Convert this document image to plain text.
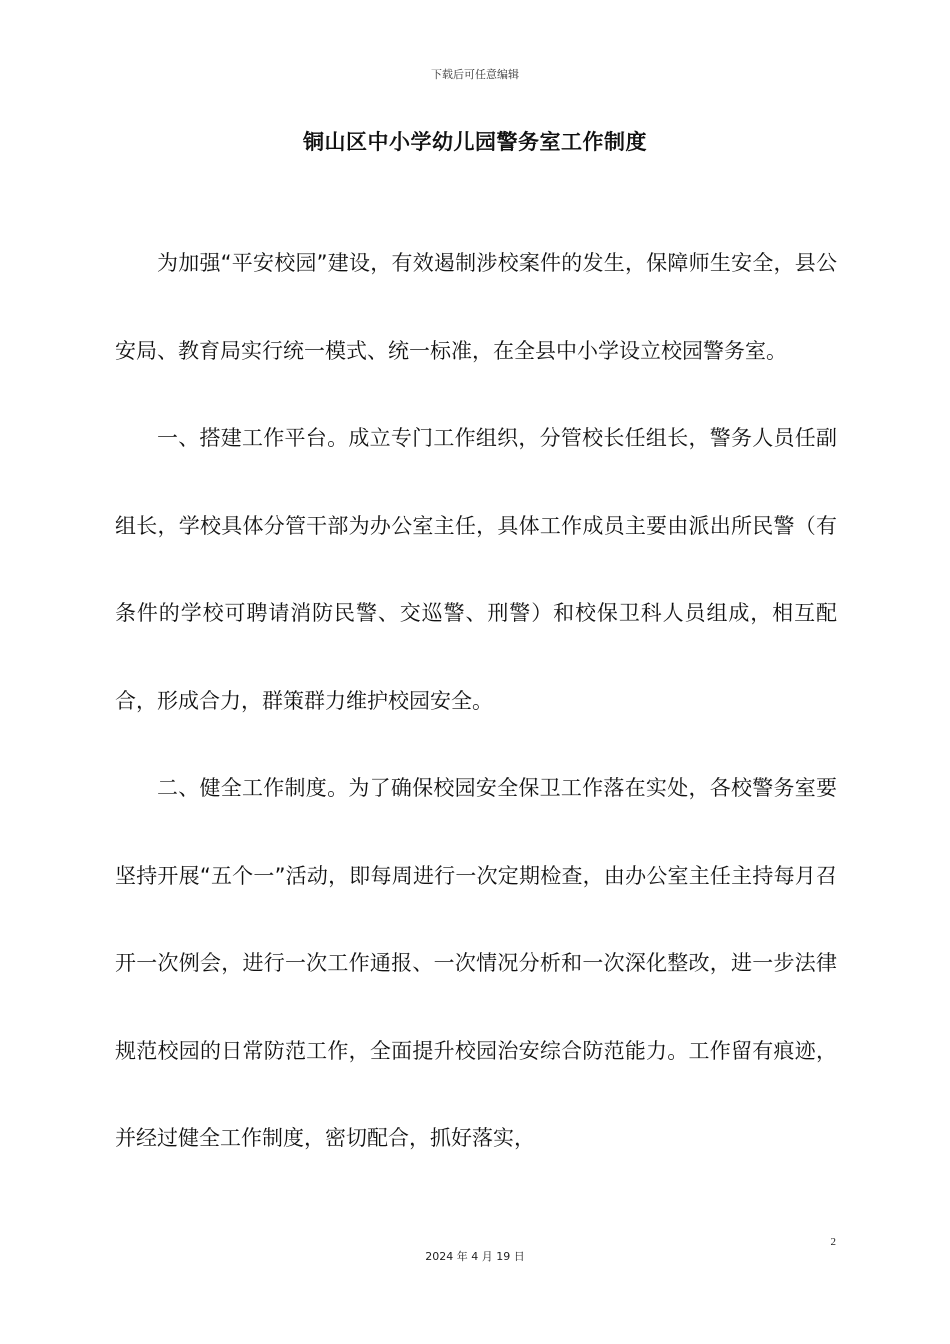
下载后可任意编辑
铜山区中小学幼儿园警务室工作制度

为加强“平安校园”建设，有效遏制涉校案件的发生，保障师生安全，县公安局、教育局实行统一模式、统一标准，在全县中小学设立校园警务室。

一、搭建工作平台。成立专门工作组织，分管校长任组长，警务人员任副组长，学校具体分管干部为办公室主任，具体工作成员主要由派出所民警（有条件的学校可聘请消防民警、交巡警、刑警）和校保卫科人员组成，相互配合，形成合力，群策群力维护校园安全。

二、健全工作制度。为了确保校园安全保卫工作落在实处，各校警务室要坚持开展“五个一”活动，即每周进行一次定期检查，由办公室主任主持每月召开一次例会，进行一次工作通报、一次情况分析和一次深化整改，进一步法律规范校园的日常防范工作，全面提升校园治安综合防范能力。工作留有痕迹，并经过健全工作制度，密切配合，抓好落实，

2
2024 年 4 月 19 日
